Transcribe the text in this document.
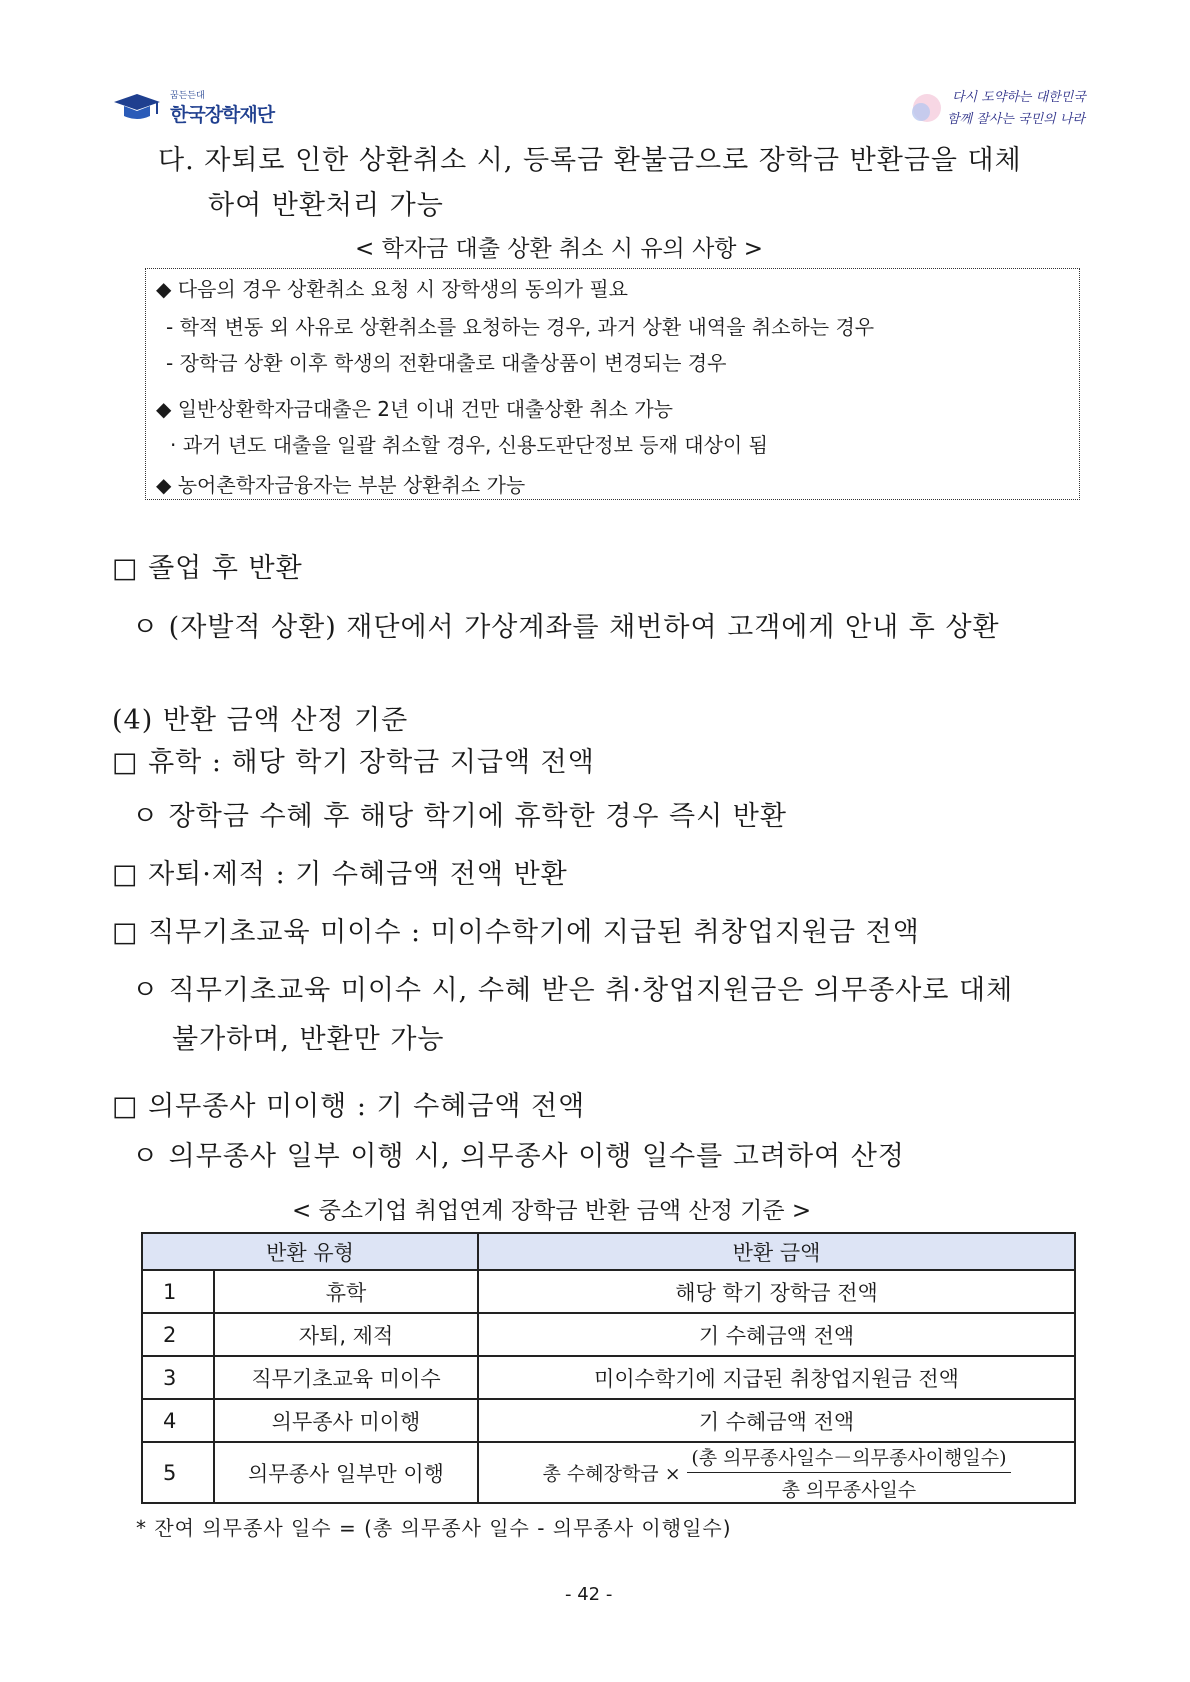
꿈든든대
한국장학재단
다시 도약하는 대한민국
함께 잘사는 국민의 나라
다. 자퇴로 인한 상환취소 시, 등록금 환불금으로 장학금 반환금을 대체
하여 반환처리 가능
< 학자금 대출 상환 취소 시 유의 사항 >
◆ 다음의 경우 상환취소 요청 시 장학생의 동의가 필요
- 학적 변동 외 사유로 상환취소를 요청하는 경우, 과거 상환 내역을 취소하는 경우
- 장학금 상환 이후 학생의 전환대출로 대출상품이 변경되는 경우
◆ 일반상환학자금대출은 2년 이내 건만 대출상환 취소 가능
· 과거 년도 대출을 일괄 취소할 경우, 신용도판단정보 등재 대상이 됨
◆ 농어촌학자금융자는 부분 상환취소 가능
□ 졸업 후 반환
ㅇ (자발적 상환) 재단에서 가상계좌를 채번하여 고객에게 안내 후 상환
(4) 반환 금액 산정 기준
□ 휴학 : 해당 학기 장학금 지급액 전액
ㅇ 장학금 수혜 후 해당 학기에 휴학한 경우 즉시 반환
□ 자퇴·제적 : 기 수혜금액 전액 반환
□ 직무기초교육 미이수 : 미이수학기에 지급된 취창업지원금 전액
ㅇ 직무기초교육 미이수 시, 수혜 받은 취·창업지원금은 의무종사로 대체
불가하며, 반환만 가능
□ 의무종사 미이행 : 기 수혜금액 전액
ㅇ 의무종사 일부 이행 시, 의무종사 이행 일수를 고려하여 산정
< 중소기업 취업연계 장학금 반환 금액 산정 기준 >
반환 유형		반환 금액
1	휴학	해당 학기 장학금 전액
2	자퇴, 제적	기 수혜금액 전액
3	직무기초교육 미이수	미이수학기에 지급된 취창업지원금 전액
4	의무종사 미이행	기 수혜금액 전액
5	의무종사 일부만 이행	총 수혜장학금 × $\frac{\text{(총 의무종사일수－의무종사이행일수)}}{\text{총 의무종사일수}}$
* 잔여 의무종사 일수 = (총 의무종사 일수 - 의무종사 이행일수)
- 42 -
